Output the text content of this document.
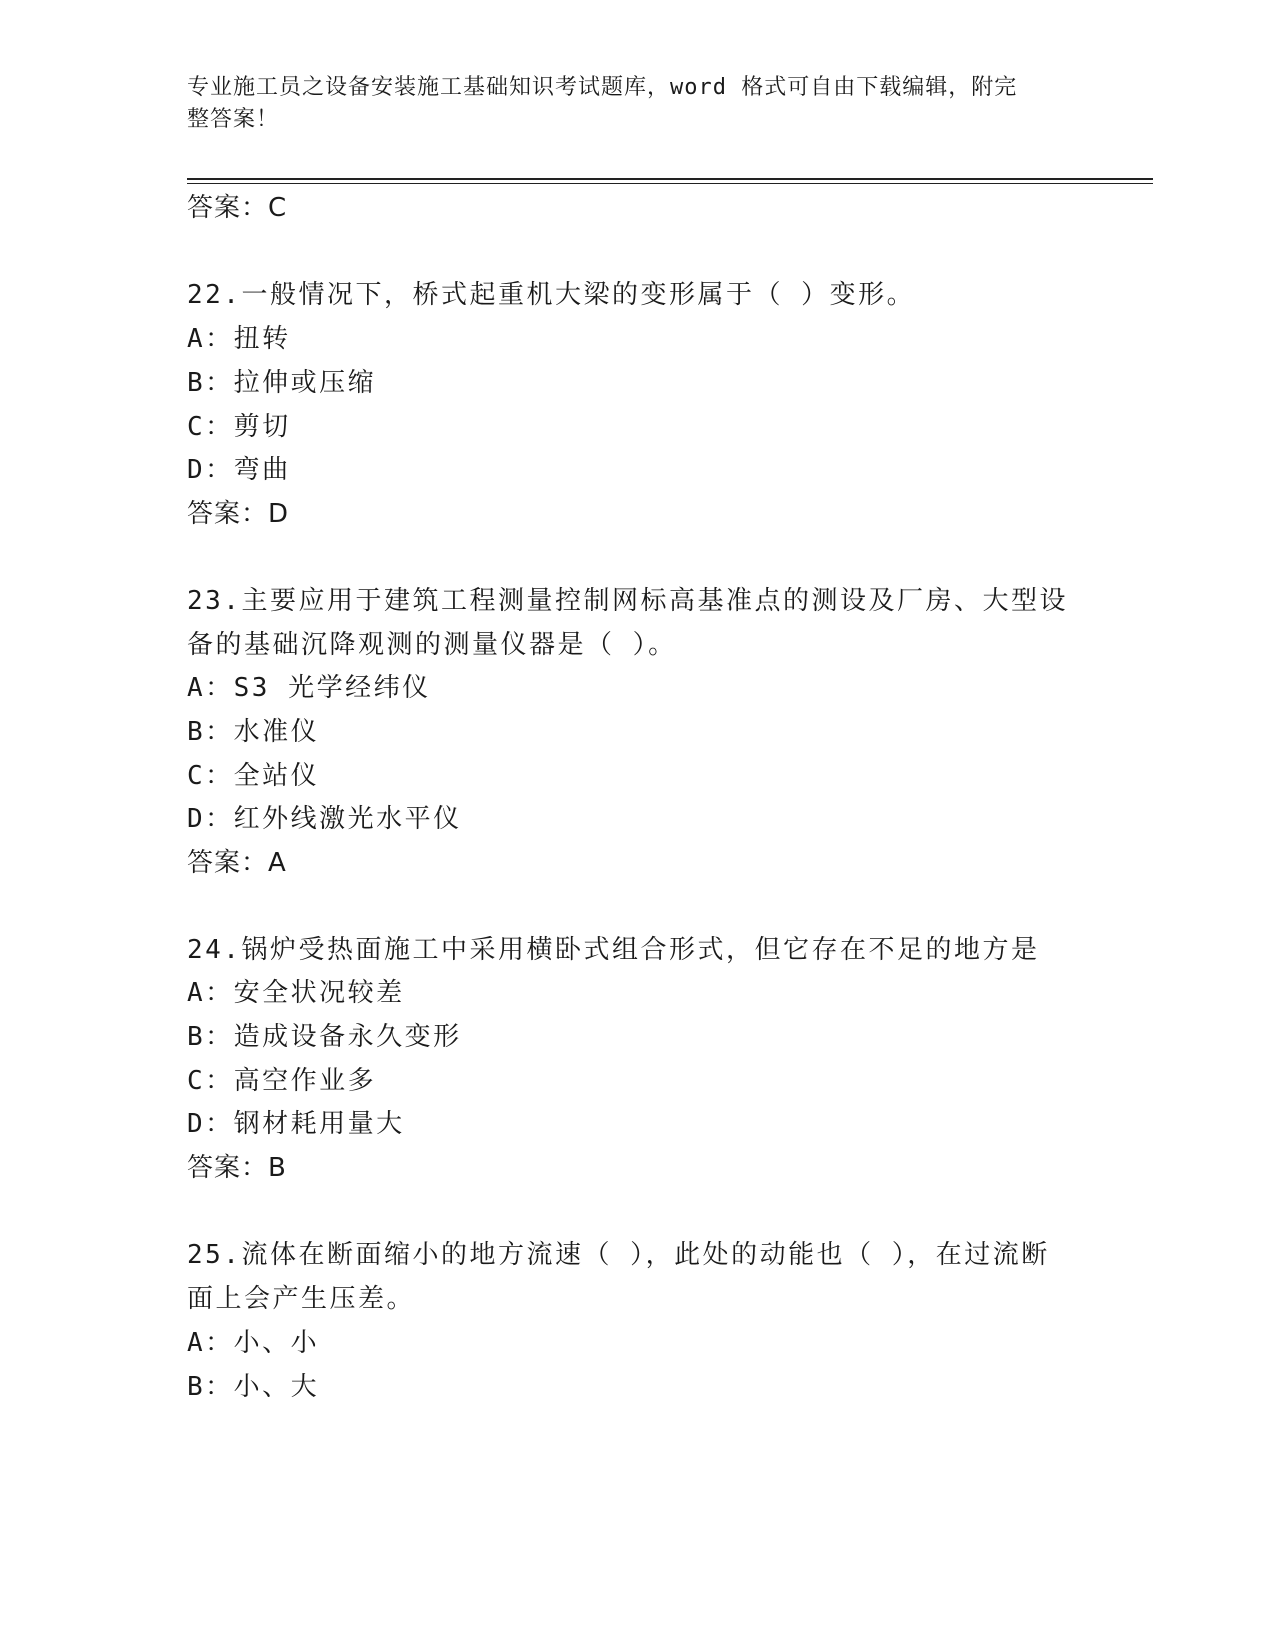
专业施工员之设备安装施工基础知识考试题库，word 格式可自由下载编辑，附完
整答案！
答案：C
22.一般情况下，桥式起重机大梁的变形属于（ ）变形。
A：扭转
B：拉伸或压缩
C：剪切
D：弯曲
答案：D
23.主要应用于建筑工程测量控制网标高基准点的测设及厂房、大型设
备的基础沉降观测的测量仪器是（ ）。
A：S3 光学经纬仪
B：水准仪
C：全站仪
D：红外线激光水平仪
答案：A
24.锅炉受热面施工中采用横卧式组合形式，但它存在不足的地方是
A：安全状况较差
B：造成设备永久变形
C：高空作业多
D：钢材耗用量大
答案：B
25.流体在断面缩小的地方流速（ ），此处的动能也（ ），在过流断
面上会产生压差。
A：小、小
B：小、大
